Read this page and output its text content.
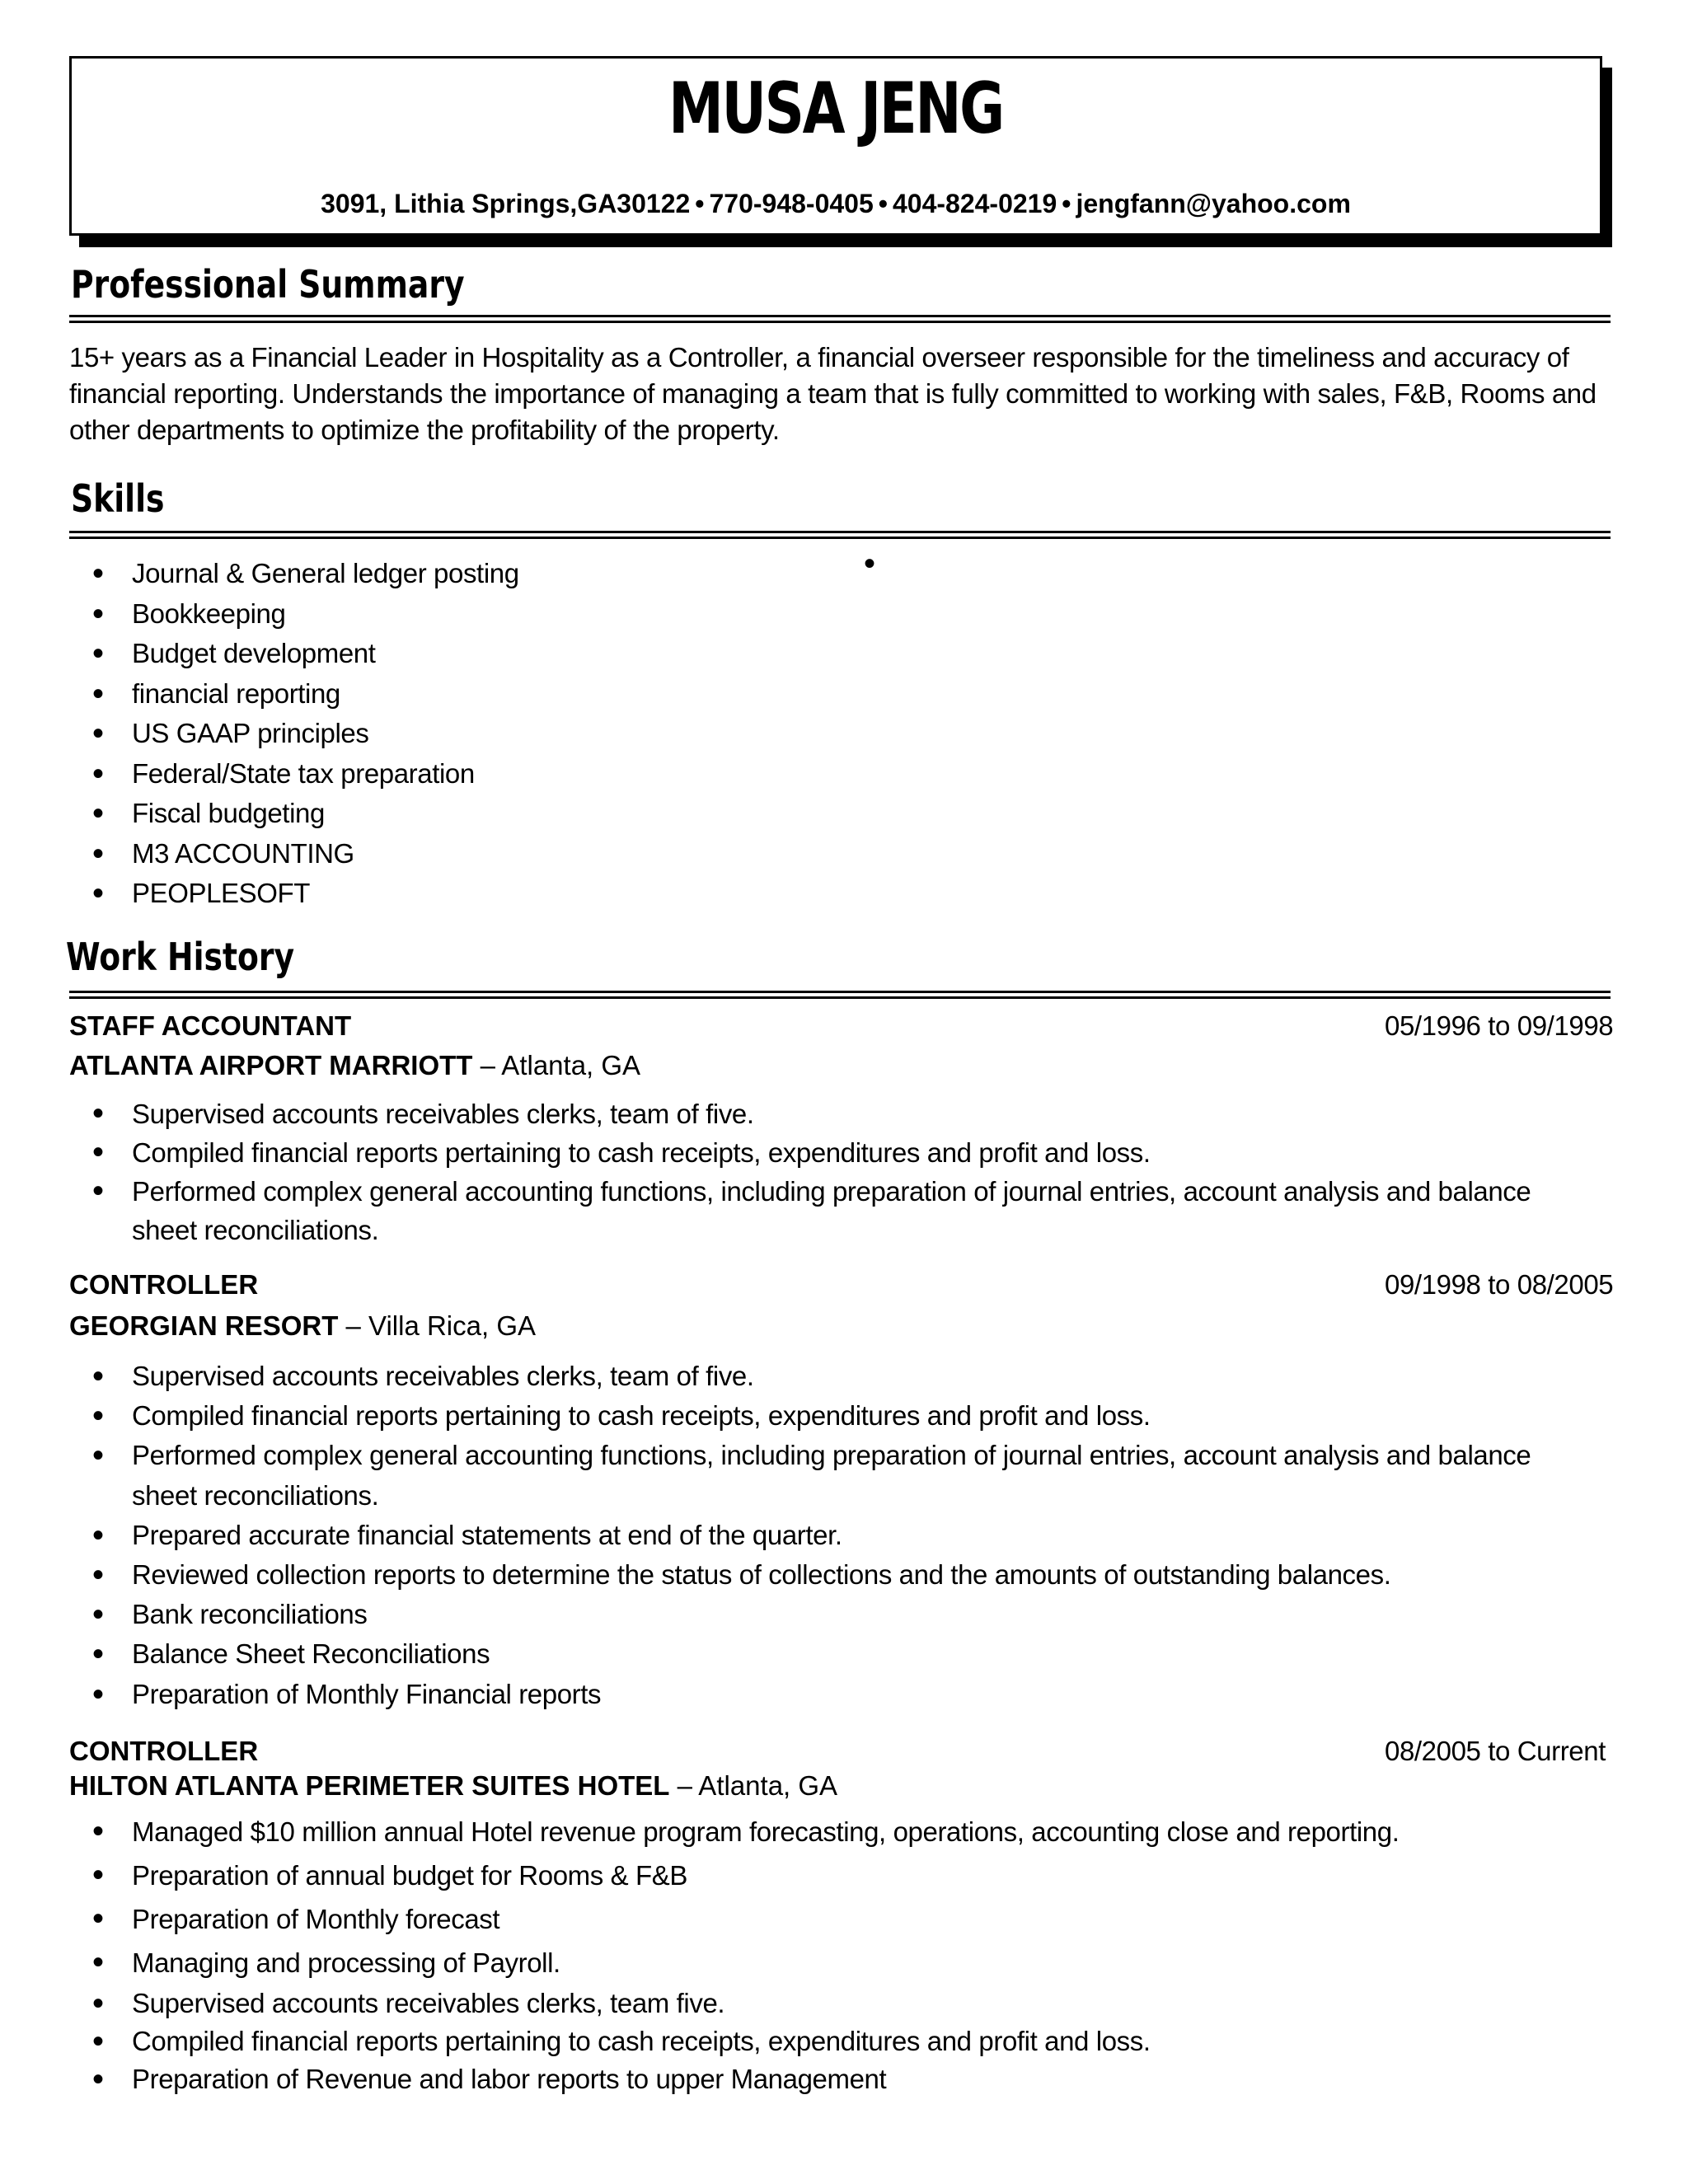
MUSA JENG
3091, Lithia Springs,GA30122 • 770-948-0405 • 404-824-0219 • jengfann@yahoo.com
Professional Summary
15+ years as a Financial Leader in Hospitality as a Controller, a financial overseer responsible for the timeliness and accuracy of
financial reporting. Understands the importance of managing a team that is fully committed to working with sales, F&B, Rooms and
other departments to optimize the profitability of the property.
Skills
• Journal & General ledger posting
• Bookkeeping
• Budget development
• financial reporting
• US GAAP principles
• Federal/State tax preparation
• Fiscal budgeting
• M3 ACCOUNTING
• PEOPLESOFT
•
Work History
STAFF ACCOUNTANT	05/1996 to 09/1998
ATLANTA AIRPORT MARRIOTT – Atlanta, GA
• Supervised accounts receivables clerks, team of five.
• Compiled financial reports pertaining to cash receipts, expenditures and profit and loss.
• Performed complex general accounting functions, including preparation of journal entries, account analysis and balance
sheet reconciliations.
CONTROLLER	09/1998 to 08/2005
GEORGIAN RESORT – Villa Rica, GA
• Supervised accounts receivables clerks, team of five.
• Compiled financial reports pertaining to cash receipts, expenditures and profit and loss.
• Performed complex general accounting functions, including preparation of journal entries, account analysis and balance
sheet reconciliations.
• Prepared accurate financial statements at end of the quarter.
• Reviewed collection reports to determine the status of collections and the amounts of outstanding balances.
• Bank reconciliations
• Balance Sheet Reconciliations
• Preparation of Monthly Financial reports
CONTROLLER	08/2005 to Current
HILTON ATLANTA PERIMETER SUITES HOTEL – Atlanta, GA
• Managed $10 million annual Hotel revenue program forecasting, operations, accounting close and reporting.
• Preparation of annual budget for Rooms & F&B
• Preparation of Monthly forecast
• Managing and processing of Payroll.
• Supervised accounts receivables clerks, team five.
• Compiled financial reports pertaining to cash receipts, expenditures and profit and loss.
• Preparation of Revenue and labor reports to upper Management
